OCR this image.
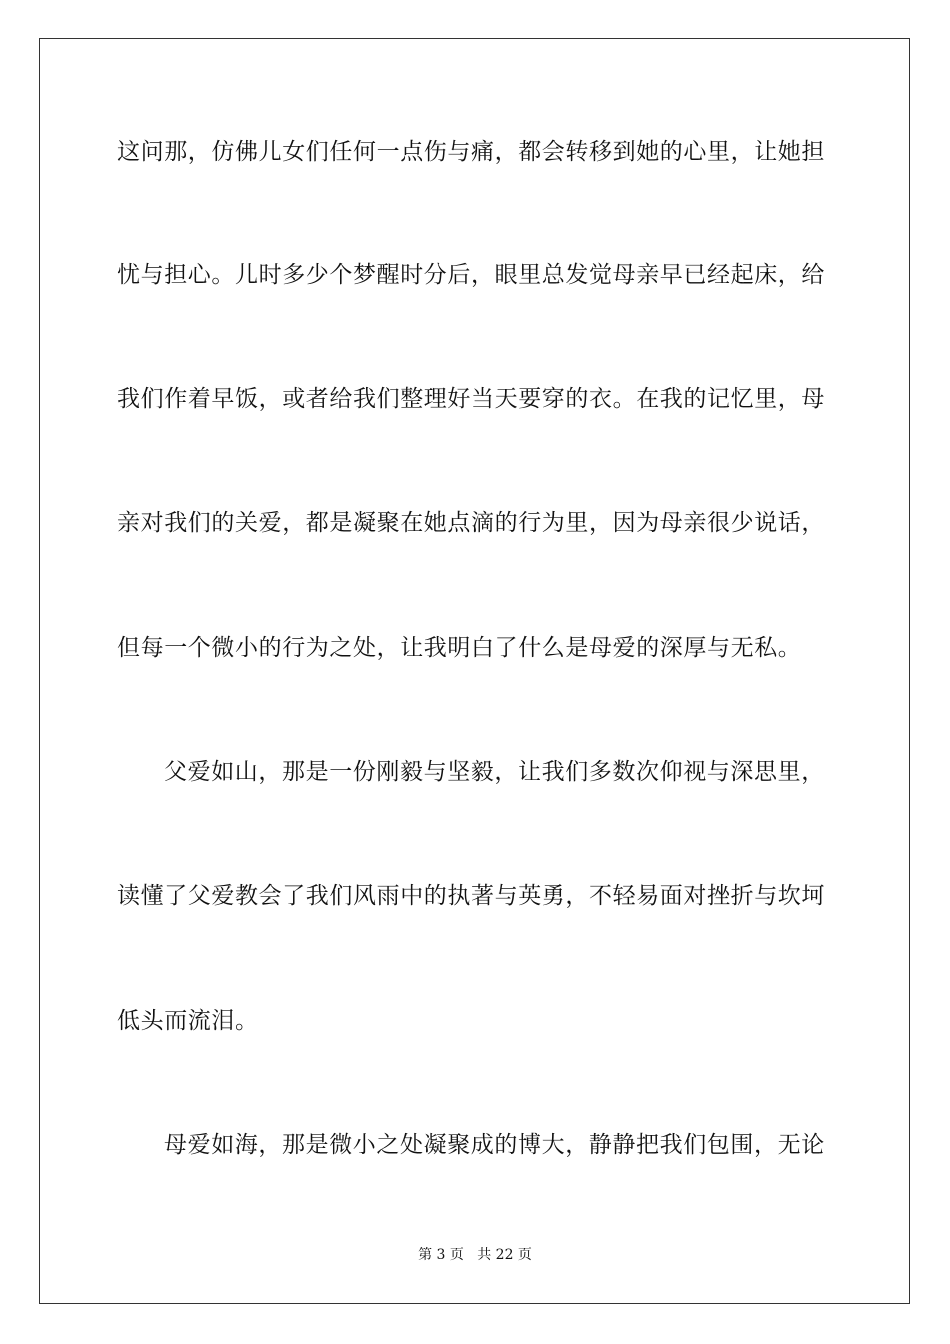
这问那，仿佛儿女们任何一点伤与痛，都会转移到她的心里，让她担
忧与担心。儿时多少个梦醒时分后，眼里总发觉母亲早已经起床，给
我们作着早饭，或者给我们整理好当天要穿的衣。在我的记忆里，母
亲对我们的关爱，都是凝聚在她点滴的行为里，因为母亲很少说话，
但每一个微小的行为之处，让我明白了什么是母爱的深厚与无私。
父爱如山，那是一份刚毅与坚毅，让我们多数次仰视与深思里，
读懂了父爱教会了我们风雨中的执著与英勇，不轻易面对挫折与坎坷
低头而流泪。
母爱如海，那是微小之处凝聚成的博大，静静把我们包围，无论
第 3 页   共 22 页
